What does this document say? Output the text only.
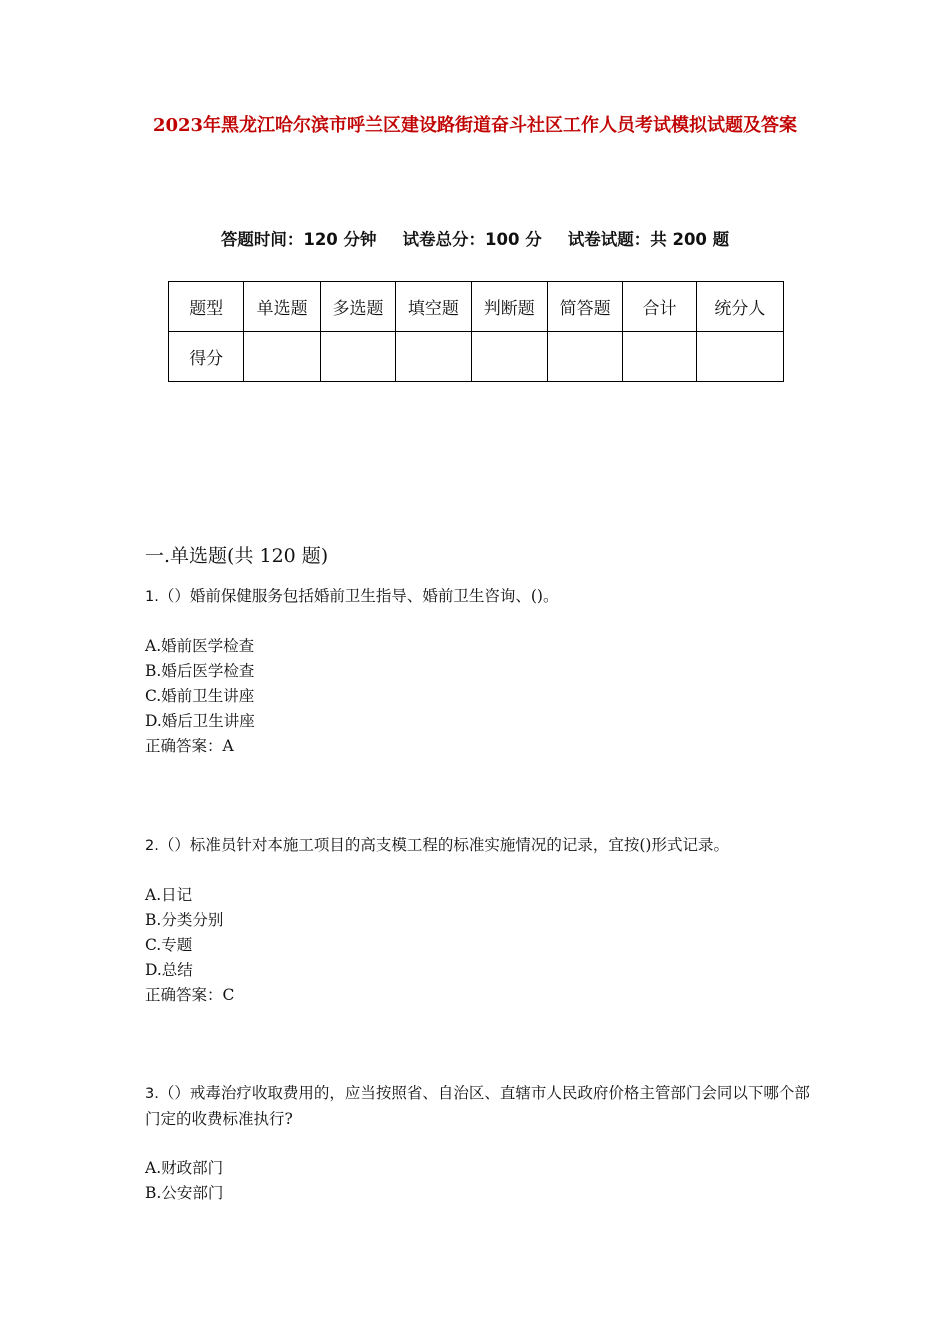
2023年黑龙江哈尔滨市呼兰区建设路街道奋斗社区工作人员考试模拟试题及答案
答题时间：120 分钟 试卷总分：100 分 试卷试题：共 200 题
题型	单选题	多选题	填空题	判断题	简答题	合计	统分人
得分							
一.单选题(共 120 题)

1.（）婚前保健服务包括婚前卫生指导、婚前卫生咨询、()。

A.婚前医学检查

B.婚后医学检查

C.婚前卫生讲座

D.婚后卫生讲座

正确答案：A

2.（）标准员针对本施工项目的高支模工程的标准实施情况的记录，宜按()形式记录。

A.日记

B.分类分别

C.专题

D.总结

正确答案：C

3.（）戒毒治疗收取费用的，应当按照省、自治区、直辖市人民政府价格主管部门会同以下哪个部门定的收费标准执行?

A.财政部门

B.公安部门
